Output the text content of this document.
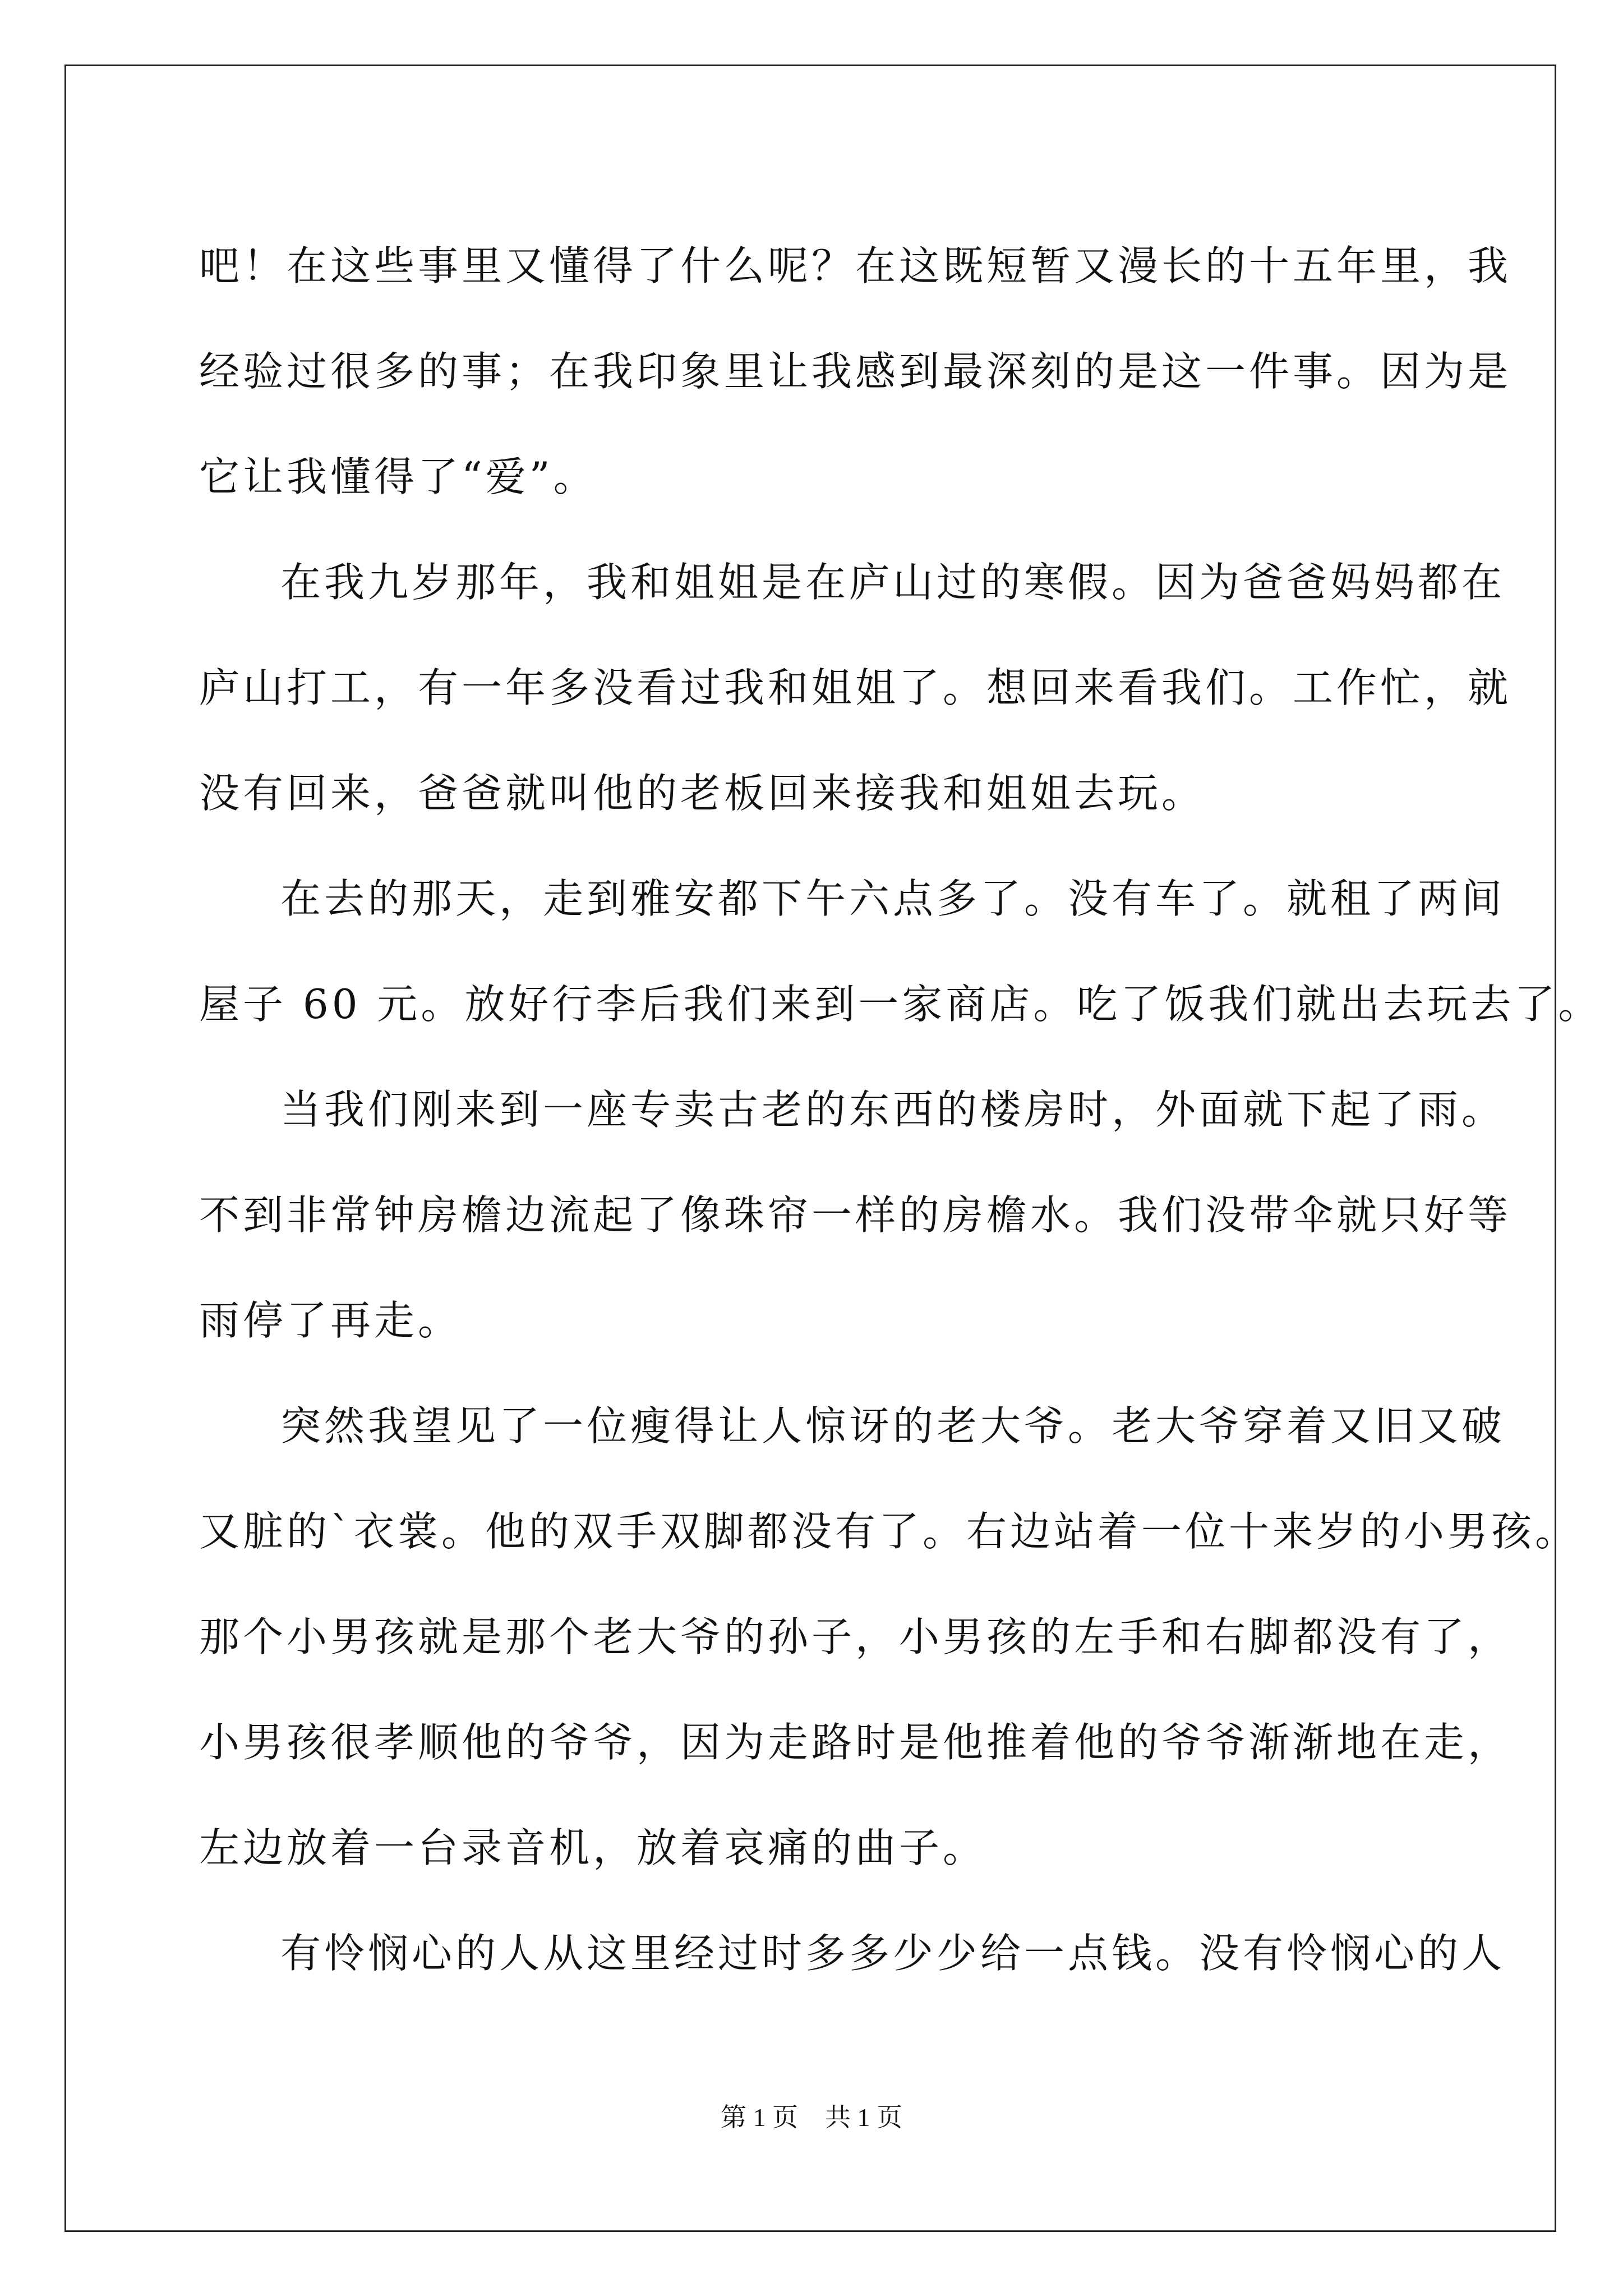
吧！在这些事里又懂得了什么呢？在这既短暂又漫长的十五年里，我
经验过很多的事；在我印象里让我感到最深刻的是这一件事。因为是
它让我懂得了“爱”。
在我九岁那年，我和姐姐是在庐山过的寒假。因为爸爸妈妈都在
庐山打工，有一年多没看过我和姐姐了。想回来看我们。工作忙，就
没有回来，爸爸就叫他的老板回来接我和姐姐去玩。
在去的那天，走到雅安都下午六点多了。没有车了。就租了两间
屋子 60 元。放好行李后我们来到一家商店。吃了饭我们就出去玩去了。
当我们刚来到一座专卖古老的东西的楼房时，外面就下起了雨。
不到非常钟房檐边流起了像珠帘一样的房檐水。我们没带伞就只好等
雨停了再走。
突然我望见了一位瘦得让人惊讶的老大爷。老大爷穿着又旧又破
又脏的`衣裳。他的双手双脚都没有了。右边站着一位十来岁的小男孩。
那个小男孩就是那个老大爷的孙子，小男孩的左手和右脚都没有了，
小男孩很孝顺他的爷爷，因为走路时是他推着他的爷爷渐渐地在走，
左边放着一台录音机，放着哀痛的曲子。
有怜悯心的人从这里经过时多多少少给一点钱。没有怜悯心的人
第 1 页 共 1 页
